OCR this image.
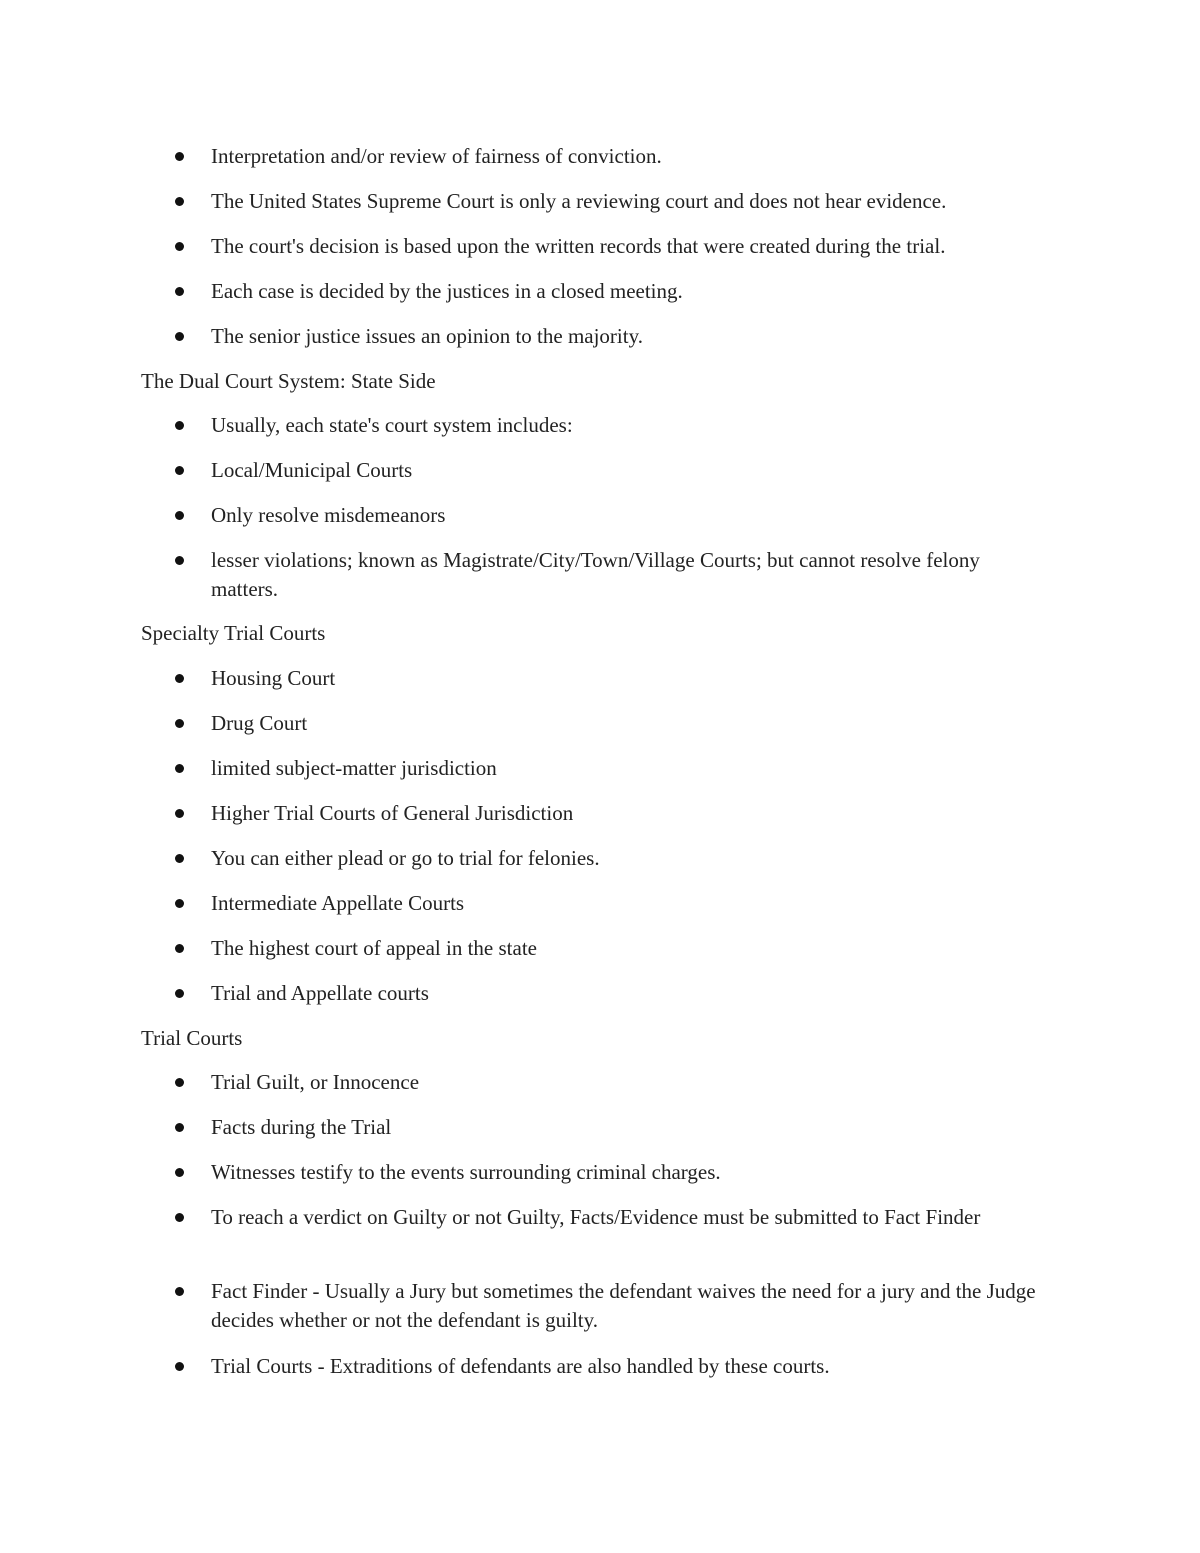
Interpretation and/or review of fairness of conviction.
The United States Supreme Court is only a reviewing court and does not hear evidence.
The court's decision is based upon the written records that were created during the trial.
Each case is decided by the justices in a closed meeting.
The senior justice issues an opinion to the majority.
The Dual Court System: State Side
Usually, each state's court system includes:
Local/Municipal Courts
Only resolve misdemeanors
lesser violations; known as Magistrate/City/Town/Village Courts; but cannot resolve felony matters.
Specialty Trial Courts
Housing Court
Drug Court
limited subject-matter jurisdiction
Higher Trial Courts of General Jurisdiction
You can either plead or go to trial for felonies.
Intermediate Appellate Courts
The highest court of appeal in the state
Trial and Appellate courts
Trial Courts
Trial Guilt, or Innocence
Facts during the Trial
Witnesses testify to the events surrounding criminal charges.
To reach a verdict on Guilty or not Guilty, Facts/Evidence must be submitted to Fact Finder
Fact Finder - Usually a Jury but sometimes the defendant waives the need for a jury and the Judge decides whether or not the defendant is guilty.
Trial Courts - Extraditions of defendants are also handled by these courts.
